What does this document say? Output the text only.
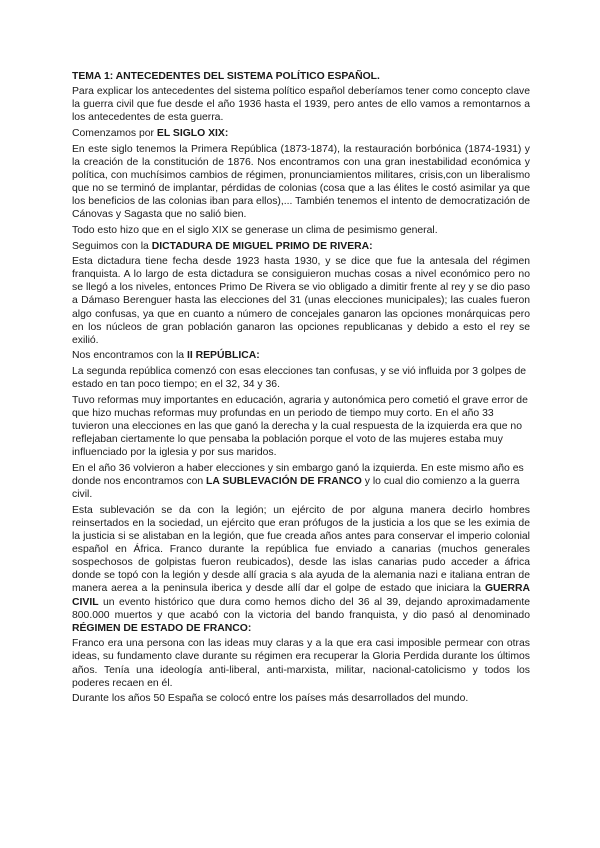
TEMA 1: ANTECEDENTES DEL SISTEMA POLÍTICO ESPAÑOL.

Para explicar los antecedentes del sistema político español deberíamos tener como concepto clave la guerra civil que fue desde el año 1936 hasta el 1939, pero antes de ello vamos a remontarnos a los antecedentes de esta guerra.

Comenzamos por EL SIGLO XIX:

En este siglo tenemos la Primera República (1873-1874), la restauración borbónica (1874-1931) y la creación de la constitución de 1876. Nos encontramos con una gran inestabilidad económica y política, con muchísimos cambios de régimen, pronunciamientos militares, crisis,con un liberalismo que no se terminó de implantar, pérdidas de colonias (cosa que a las élites le costó asimilar ya que los beneficios de las colonias iban para ellos),... También tenemos el intento de democratización de Cánovas y Sagasta que no salió bien.

Todo esto hizo que en el siglo XIX se generase un clima de pesimismo general.

Seguimos con la DICTADURA DE MIGUEL PRIMO DE RIVERA:

Esta dictadura tiene fecha desde 1923 hasta 1930, y se dice que fue la antesala del régimen franquista. A lo largo de esta dictadura se consiguieron muchas cosas a nivel económico pero no se llegó a los niveles, entonces Primo De Rivera se vio obligado a dimitir frente al rey y se dio paso a Dámaso Berenguer hasta las elecciones del 31 (unas elecciones municipales); las cuales fueron algo confusas, ya que en cuanto a número de concejales ganaron las opciones monárquicas pero en los núcleos de gran población ganaron las opciones republicanas y debido a esto el rey se exilió.

Nos encontramos con la II REPÚBLICA:

La segunda república comenzó con esas elecciones tan confusas, y se vió influida por 3 golpes de estado en tan poco tiempo; en el 32, 34 y 36.

Tuvo reformas muy importantes en educación, agraria y autonómica pero cometió el grave error de que hizo muchas reformas muy profundas en un periodo de tiempo muy corto. En el año 33 tuvieron una elecciones en las que ganó la derecha y la cual respuesta de la izquierda era que no reflejaban ciertamente lo que pensaba la población porque el voto de las mujeres estaba muy influenciado por la iglesia y por sus maridos.

En el año 36 volvieron a haber elecciones y sin embargo ganó la izquierda. En este mismo año es donde nos encontramos con LA SUBLEVACIÓN DE FRANCO y lo cual dio comienzo a la guerra civil.

Esta sublevación se da con la legión; un ejército de por alguna manera decirlo hombres reinsertados en la sociedad, un ejército que eran prófugos de la justicia a los que se les eximia de la justicia si se alistaban en la legión, que fue creada años antes para conservar el imperio colonial español en África. Franco durante la república fue enviado a canarias (muchos generales sospechosos de golpistas fueron reubicados), desde las islas canarias pudo acceder a áfrica donde se topó con la legión y desde allí gracia s ala ayuda de la alemania nazi e italiana entran de manera aerea a la peninsula iberica y desde allí dar el golpe de estado que iniciara la GUERRA CIVIL un evento histórico que dura como hemos dicho del 36 al 39, dejando aproximadamente 800.000 muertos y que acabó con la victoria del bando franquista, y dio pasó al denominado RÉGIMEN DE ESTADO DE FRANCO:

Franco era una persona con las ideas muy claras y a la que era casi imposible permear con otras ideas, su fundamento clave durante su régimen era recuperar la Gloria Perdida durante los últimos años. Tenía una ideología anti-liberal, anti-marxista, militar, nacional-catolicismo y todos los poderes recaen en él.

Durante los años 50 España se colocó entre los países más desarrollados del mundo.
